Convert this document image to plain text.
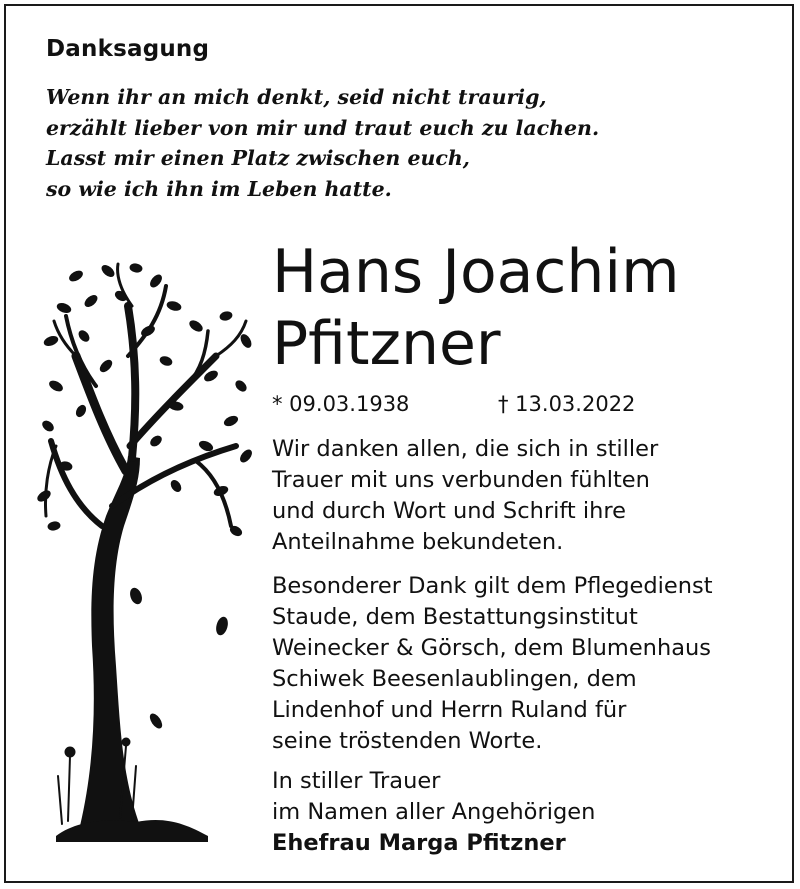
Danksagung
Wenn ihr an mich denkt, seid nicht traurig,
erzählt lieber von mir und traut euch zu lachen.
Lasst mir einen Platz zwischen euch,
so wie ich ihn im Leben hatte.
Hans Joachim
Pfitzner
* 09.03.1938	† 13.03.2022

Wir danken allen, die sich in stiller
Trauer mit uns verbunden fühlten
und durch Wort und Schrift ihre
Anteilnahme bekundeten.

Besonderer Dank gilt dem Pflegedienst
Staude, dem Bestattungsinstitut
Weinecker & Görsch, dem Blumenhaus
Schiwek Beesenlaublingen, dem
Lindenhof und Herrn Ruland für
seine tröstenden Worte.

In stiller Trauer
im Namen aller Angehörigen
Ehefrau Marga Pfitzner
